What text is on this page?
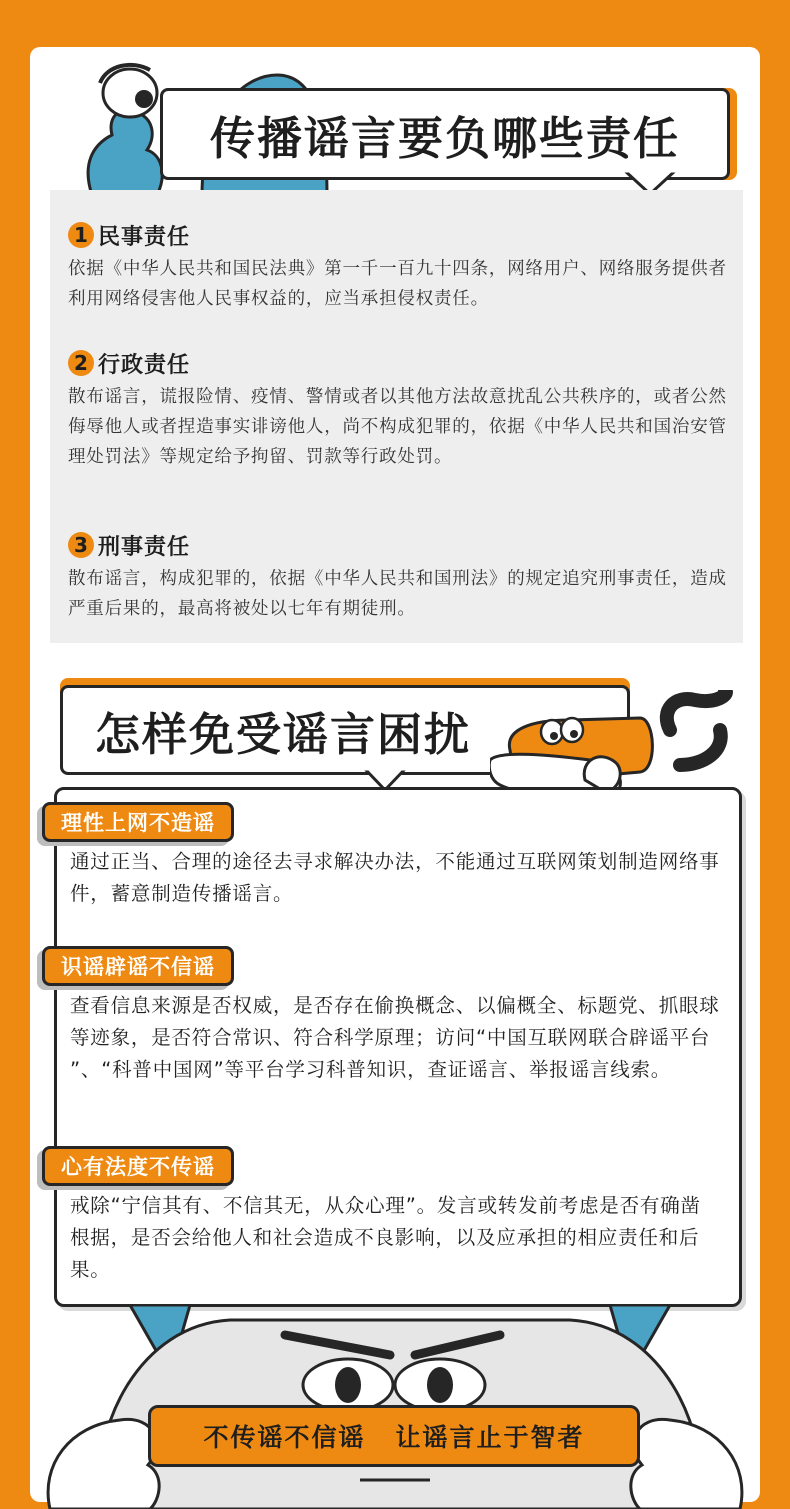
传播谣言要负哪些责任
1 民事责任
依据《中华人民共和国民法典》第一千一百九十四条，网络用户、网络服务提供者利用网络侵害他人民事权益的，应当承担侵权责任。
2 行政责任
散布谣言，谎报险情、疫情、警情或者以其他方法故意扰乱公共秩序的，或者公然侮辱他人或者捏造事实诽谤他人，尚不构成犯罪的，依据《中华人民共和国治安管理处罚法》等规定给予拘留、罚款等行政处罚。
3 刑事责任
散布谣言，构成犯罪的，依据《中华人民共和国刑法》的规定追究刑事责任，造成严重后果的，最高将被处以七年有期徒刑。
怎样免受谣言困扰
理性上网不造谣
通过正当、合理的途径去寻求解决办法，不能通过互联网策划制造网络事件，蓄意制造传播谣言。
识谣辟谣不信谣
查看信息来源是否权威，是否存在偷换概念、以偏概全、标题党、抓眼球等迹象，是否符合常识、符合科学原理；访问“中国互联网联合辟谣平台 ”、“科普中国网”等平台学习科普知识，查证谣言、举报谣言线索。
心有法度不传谣
戒除“宁信其有、不信其无，从众心理”。发言或转发前考虑是否有确凿根据，是否会给他人和社会造成不良影响，以及应承担的相应责任和后果。
不传谣不信谣 让谣言止于智者
